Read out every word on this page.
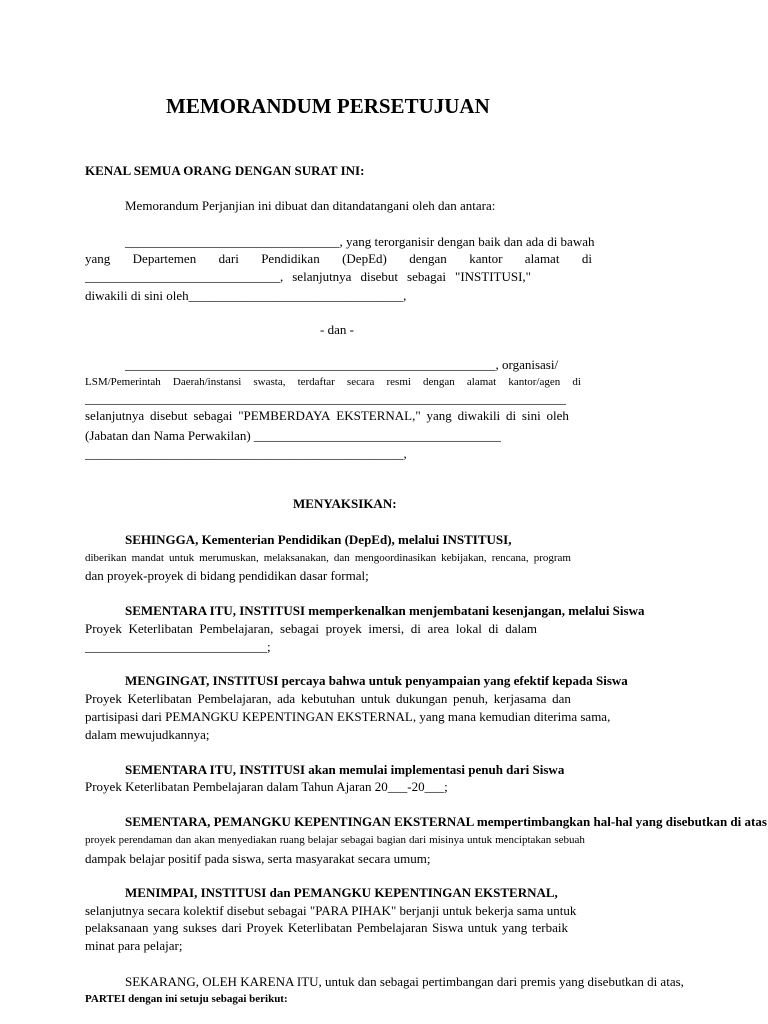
MEMORANDUM PERSETUJUAN
KENAL SEMUA ORANG DENGAN SURAT INI:
Memorandum Perjanjian ini dibuat dan ditandatangani oleh dan antara:
_________________________________, yang terorganisir dengan baik dan ada di bawah
yang Departemen dari Pendidikan (DepEd) dengan kantor alamat di
______________________________, selanjutnya disebut sebagai "INSTITUSI,"
diwakili di sini oleh_________________________________,
- dan -
_________________________________________________________, organisasi/
LSM/Pemerintah Daerah/instansi swasta, terdaftar secara resmi dengan alamat kantor/agen di
__________________________________________________________________________
selanjutnya disebut sebagai "PEMBERDAYA EKSTERNAL," yang diwakili di sini oleh
(Jabatan dan Nama Perwakilan) ______________________________________
_________________________________________________,
MENYAKSIKAN:
SEHINGGA, Kementerian Pendidikan (DepEd), melalui INSTITUSI,
diberikan mandat untuk merumuskan, melaksanakan, dan mengoordinasikan kebijakan, rencana, program
dan proyek-proyek di bidang pendidikan dasar formal;
SEMENTARA ITU, INSTITUSI memperkenalkan menjembatani kesenjangan, melalui Siswa
Proyek Keterlibatan Pembelajaran, sebagai proyek imersi, di area lokal di dalam
____________________________;
MENGINGAT, INSTITUSI percaya bahwa untuk penyampaian yang efektif kepada Siswa
Proyek Keterlibatan Pembelajaran, ada kebutuhan untuk dukungan penuh, kerjasama dan
partisipasi dari PEMANGKU KEPENTINGAN EKSTERNAL, yang mana kemudian diterima sama,
dalam mewujudkannya;
SEMENTARA ITU, INSTITUSI akan memulai implementasi penuh dari Siswa
Proyek Keterlibatan Pembelajaran dalam Tahun Ajaran 20___-20___;
SEMENTARA, PEMANGKU KEPENTINGAN EKSTERNAL mempertimbangkan hal-hal yang disebutkan di atas
proyek perendaman dan akan menyediakan ruang belajar sebagai bagian dari misinya untuk menciptakan sebuah
dampak belajar positif pada siswa, serta masyarakat secara umum;
MENIMPAI, INSTITUSI dan PEMANGKU KEPENTINGAN EKSTERNAL,
selanjutnya secara kolektif disebut sebagai "PARA PIHAK" berjanji untuk bekerja sama untuk
pelaksanaan yang sukses dari Proyek Keterlibatan Pembelajaran Siswa untuk yang terbaik
minat para pelajar;
SEKARANG, OLEH KARENA ITU, untuk dan sebagai pertimbangan dari premis yang disebutkan di atas,
PARTEI dengan ini setuju sebagai berikut:
